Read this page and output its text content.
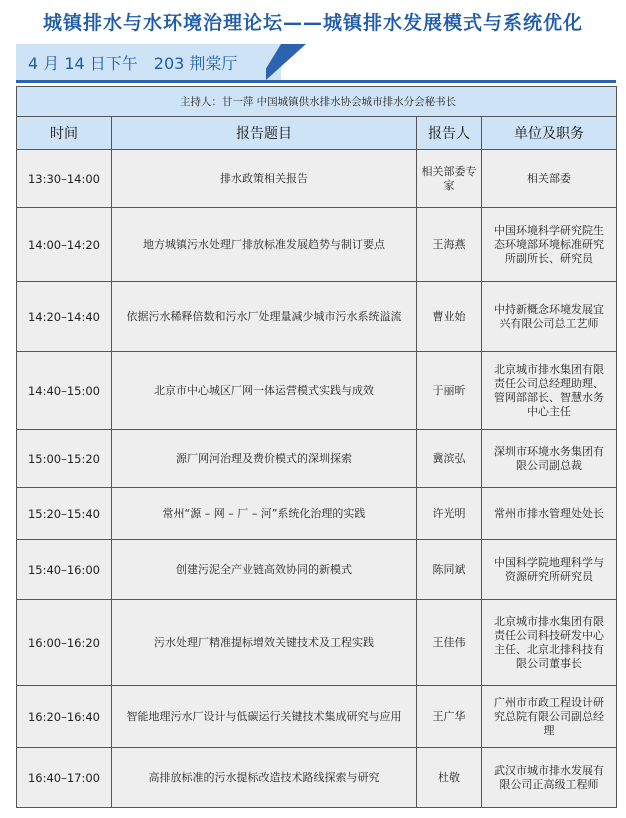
城镇排水与水环境治理论坛——城镇排水发展模式与系统优化
4 月 14 日下午　203 荆棠厅
主持人：甘一萍 中国城镇供水排水协会城市排水分会秘书长			
时间	报告题目	报告人	单位及职务
13:30–14:00	排水政策相关报告	相关部委专家	相关部委
14:00–14:20	地方城镇污水处理厂排放标准发展趋势与制订要点	王海燕	中国环境科学研究院生态环境部环境标准研究所副所长、研究员
14:20–14:40	依据污水稀释倍数和污水厂处理量减少城市污水系统溢流	曹业始	中持新概念环境发展宜兴有限公司总工艺师
14:40–15:00	北京市中心城区厂网一体运营模式实践与成效	于丽昕	北京城市排水集团有限责任公司总经理助理、管网部部长、智慧水务中心主任
15:00–15:20	源厂网河治理及费价模式的深圳探索	冀滨弘	深圳市环境水务集团有限公司副总裁
15:20–15:40	常州“源 – 网 – 厂 – 河”系统化治理的实践	许光明	常州市排水管理处处长
15:40–16:00	创建污泥全产业链高效协同的新模式	陈同斌	中国科学院地理科学与资源研究所研究员
16:00–16:20	污水处理厂精准提标增效关键技术及工程实践	王佳伟	北京城市排水集团有限责任公司科技研发中心主任、北京北排科技有限公司董事长
16:20–16:40	智能地理污水厂设计与低碳运行关键技术集成研究与应用	王广华	广州市市政工程设计研究总院有限公司副总经理
16:40–17:00	高排放标准的污水提标改造技术路线探索与研究	杜敬	武汉市城市排水发展有限公司正高级工程师
